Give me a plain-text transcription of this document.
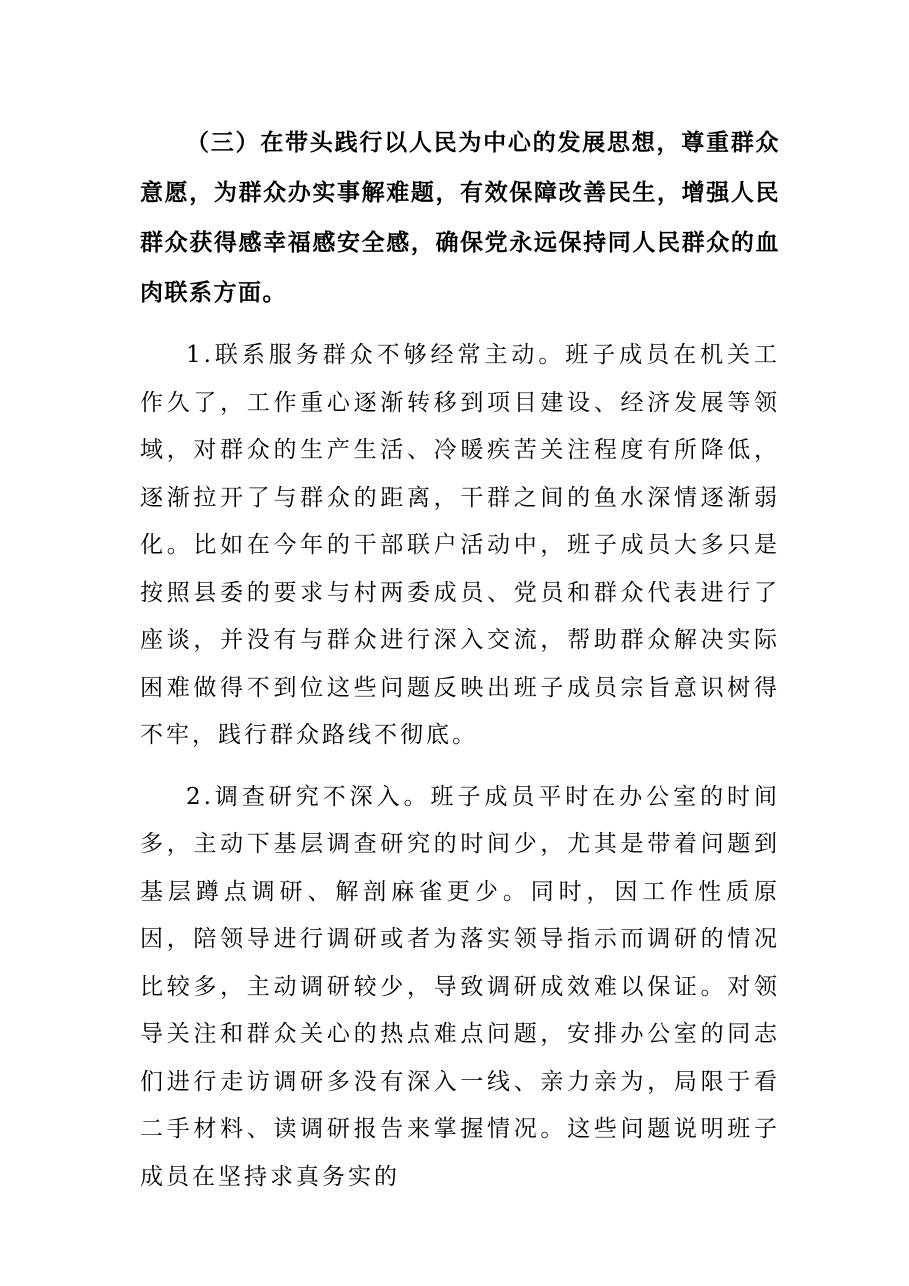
（三）在带头践行以人民为中心的发展思想，尊重群众意愿，为群众办实事解难题，有效保障改善民生，增强人民群众获得感幸福感安全感，确保党永远保持同人民群众的血肉联系方面。

1.联系服务群众不够经常主动。班子成员在机关工作久了，工作重心逐渐转移到项目建设、经济发展等领域，对群众的生产生活、冷暖疾苦关注程度有所降低，逐渐拉开了与群众的距离，干群之间的鱼水深情逐渐弱化。比如在今年的干部联户活动中，班子成员大多只是按照县委的要求与村两委成员、党员和群众代表进行了座谈，并没有与群众进行深入交流，帮助群众解决实际困难做得不到位这些问题反映出班子成员宗旨意识树得不牢，践行群众路线不彻底。

2.调查研究不深入。班子成员平时在办公室的时间多，主动下基层调查研究的时间少，尤其是带着问题到基层蹲点调研、解剖麻雀更少。同时，因工作性质原因，陪领导进行调研或者为落实领导指示而调研的情况比较多，主动调研较少，导致调研成效难以保证。对领导关注和群众关心的热点难点问题，安排办公室的同志们进行走访调研多没有深入一线、亲力亲为，局限于看二手材料、读调研报告来掌握情况。这些问题说明班子成员在坚持求真务实的
